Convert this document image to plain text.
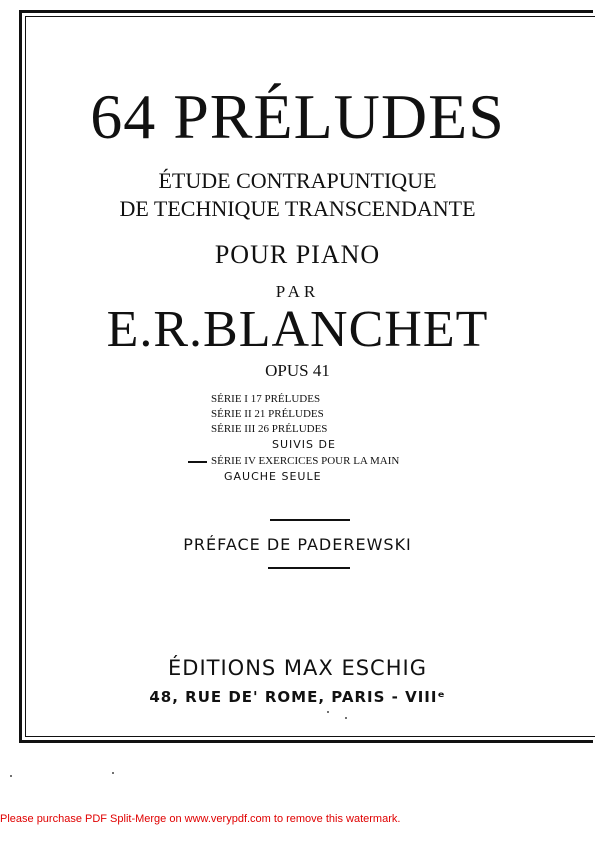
64 PRÉLUDES
ÉTUDE CONTRAPUNTIQUE
DE TECHNIQUE TRANSCENDANTE
POUR PIANO
PAR
E.R.BLANCHET
OPUS 41
SÉRIE I 17 PRÉLUDES
SÉRIE II 21 PRÉLUDES
SÉRIE III 26 PRÉLUDES
SUIVIS DE
SÉRIE IV EXERCICES POUR LA MAIN
GAUCHE SEULE
PRÉFACE DE PADEREWSKI
ÉDITIONS MAX ESCHIG
48, RUE DE' ROME, PARIS - VIIIᵉ
Please purchase PDF Split-Merge on www.verypdf.com to remove this watermark.
